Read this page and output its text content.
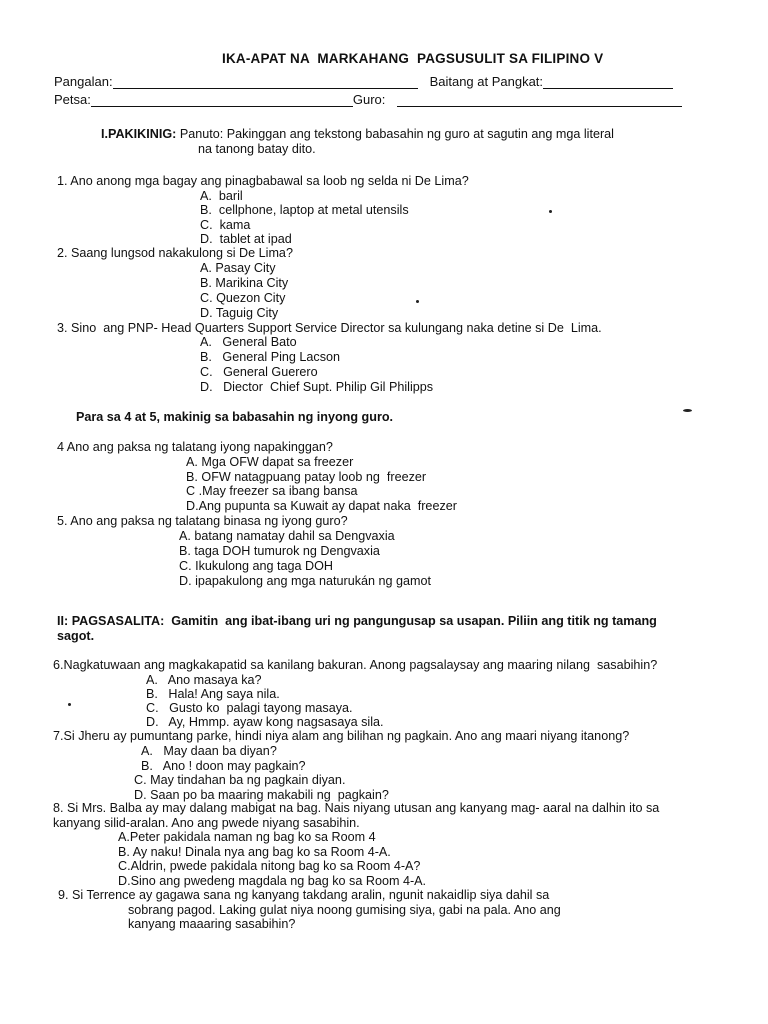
IKA-APAT NA  MARKAHANG  PAGSUSULIT SA FILIPINO V
Pangalan:	Baitang at Pangkat:
Petsa:	Guro:
I.PAKIKINIG: Panuto: Pakinggan ang tekstong babasahin ng guro at sagutin ang mga literal
na tanong batay dito.
1. Ano anong mga bagay ang pinagbabawal sa loob ng selda ni De Lima?
A.  baril
B.  cellphone, laptop at metal utensils
C.  kama
D.  tablet at ipad
2. Saang lungsod nakakulong si De Lima?
A. Pasay City
B. Marikina City
C. Quezon City
D. Taguig City
3. Sino  ang PNP- Head Quarters Support Service Director sa kulungang naka detine si De  Lima.
A.   General Bato
B.   General Ping Lacson
C.   General Guerero
D.   Diector  Chief Supt. Philip Gil Philipps
Para sa 4 at 5, makinig sa babasahin ng inyong guro.
4 Ano ang paksa ng talatang iyong napakinggan?
A. Mga OFW dapat sa freezer
B. OFW natagpuang patay loob ng  freezer
C .May freezer sa ibang bansa
D.Ang pupunta sa Kuwait ay dapat naka  freezer
5. Ano ang paksa ng talatang binasa ng iyong guro?
A. batang namatay dahil sa Dengvaxia
B. taga DOH tumurok ng Dengvaxia
C. Ikukulong ang taga DOH
D. ipapakulong ang mga naturukán ng gamot
II: PAGSASALITA:  Gamitin  ang ibat-ibang uri ng pangungusap sa usapan. Piliin ang titik ng tamang
sagot.
6.Nagkatuwaan ang magkakapatid sa kanilang bakuran. Anong pagsalaysay ang maaring nilang  sasabihin?
A.   Ano masaya ka?
B.   Hala! Ang saya nila.
C.   Gusto ko  palagi tayong masaya.
D.   Ay, Hmmp. ayaw kong nagsasaya sila.
7.Si Jheru ay pumuntang parke, hindi niya alam ang bilihan ng pagkain. Ano ang maari niyang itanong?
A.   May daan ba diyan?
B.   Ano ! doon may pagkain?
C. May tindahan ba ng pagkain diyan.
D. Saan po ba maaring makabili ng  pagkain?
8. Si Mrs. Balba ay may dalang mabigat na bag. Nais niyang utusan ang kanyang mag- aaral na dalhin ito sa
kanyang silid-aralan. Ano ang pwede niyang sasabihin.
A.Peter pakidala naman ng bag ko sa Room 4
B. Ay naku! Dinala nya ang bag ko sa Room 4-A.
C.Aldrin, pwede pakidala nitong bag ko sa Room 4-A?
D.Sino ang pwedeng magdala ng bag ko sa Room 4-A.
9. Si Terrence ay gagawa sana ng kanyang takdang aralin, ngunit nakaidlip siya dahil sa
sobrang pagod. Laking gulat niya noong gumising siya, gabi na pala. Ano ang
kanyang maaaring sasabihin?
